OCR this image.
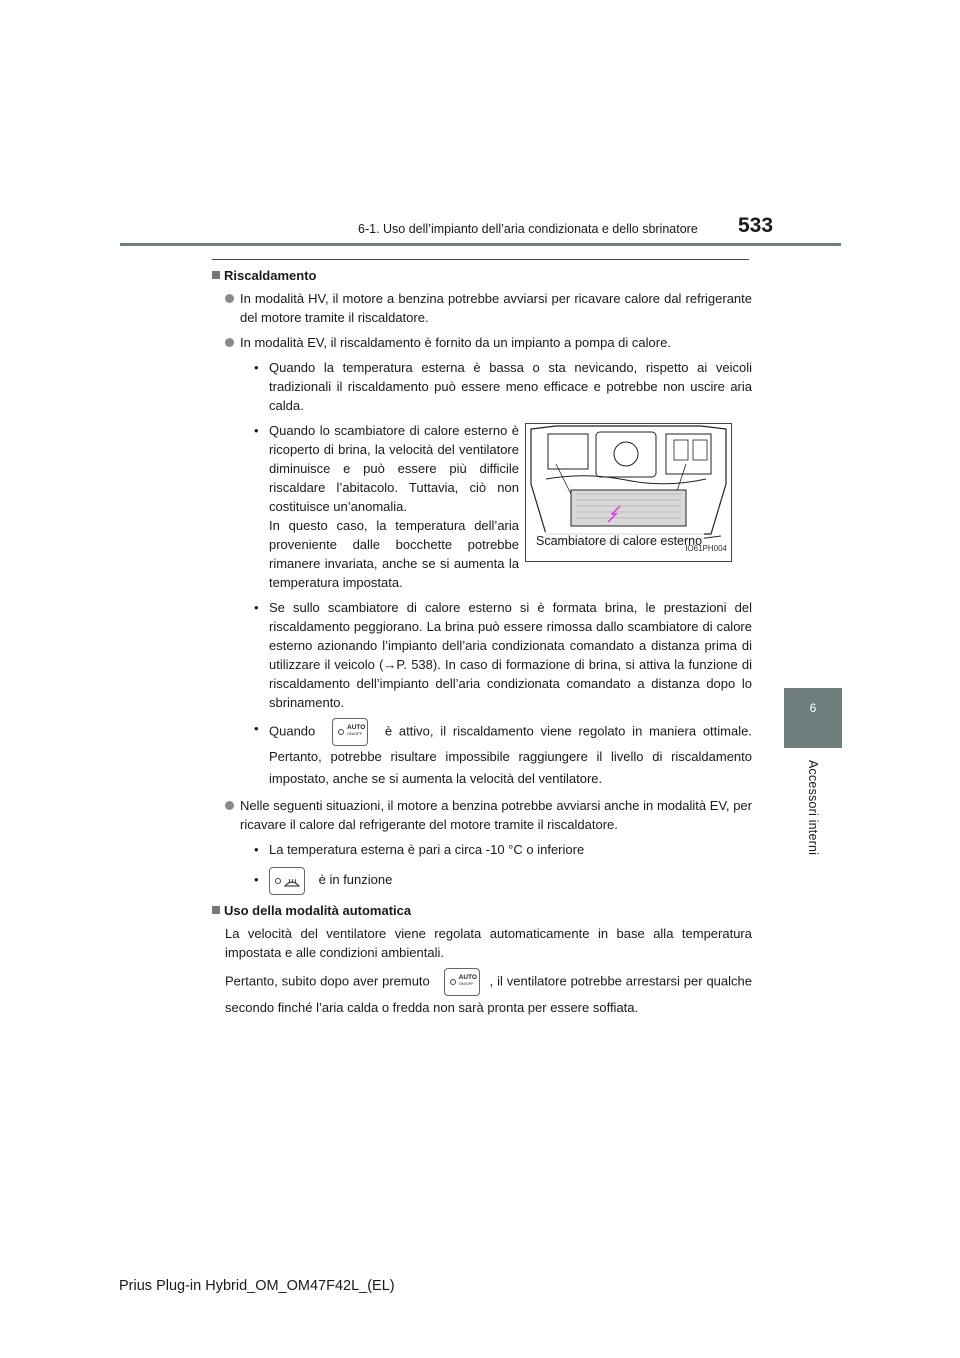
6-1. Uso dell’impianto dell’aria condizionata e dello sbrinatore 533
6
Accessori interni
Riscaldamento
In modalità HV, il motore a benzina potrebbe avviarsi per ricavare calore dal refrigerante del motore tramite il riscaldatore.
In modalità EV, il riscaldamento è fornito da un impianto a pompa di calore.
• Quando la temperatura esterna è bassa o sta nevicando, rispetto ai veicoli tradizionali il riscaldamento può essere meno efficace e potrebbe non uscire aria calda.
• Quando lo scambiatore di calore esterno è ricoperto di brina, la velocità del ventilatore diminuisce e può essere più difficile riscaldare l’abitacolo. Tuttavia, ciò non costituisce un’anomalia.
In questo caso, la temperatura dell’aria proveniente dalle bocchette potrebbe rimanere invariata, anche se si aumenta la temperatura impostata.
Scambiatore di calore esterno
IO61PH004
• Se sullo scambiatore di calore esterno si è formata brina, le prestazioni del riscaldamento peggiorano. La brina può essere rimossa dallo scambiatore di calore esterno azionando l’impianto dell’aria condizionata comandato a distanza prima di utilizzare il veicolo (→P. 538). In caso di formazione di brina, si attiva la funzione di riscaldamento dell’impianto dell’aria condizionata comandato a distanza dopo lo sbrinamento.
• Quando	AUTO
ON/OFF è attivo, il riscaldamento viene regolato in maniera ottimale. Pertanto, potrebbe risultare impossibile raggiungere il livello di riscaldamento impostato, anche se si aumenta la velocità del ventilatore.
Nelle seguenti situazioni, il motore a benzina potrebbe avviarsi anche in modalità EV, per ricavare il calore dal refrigerante del motore tramite il riscaldatore.
• La temperatura esterna è pari a circa -10 °C o inferiore
•	è in funzione
Uso della modalità automatica
La velocità del ventilatore viene regolata automaticamente in base alla temperatura impostata e alle condizioni ambientali.
Pertanto, subito dopo aver premuto	AUTO
ON/OFF , il ventilatore potrebbe arrestarsi per qualche secondo finché l’aria calda o fredda non sarà pronta per essere soffiata.
Prius Plug-in Hybrid_OM_OM47F42L_(EL)
